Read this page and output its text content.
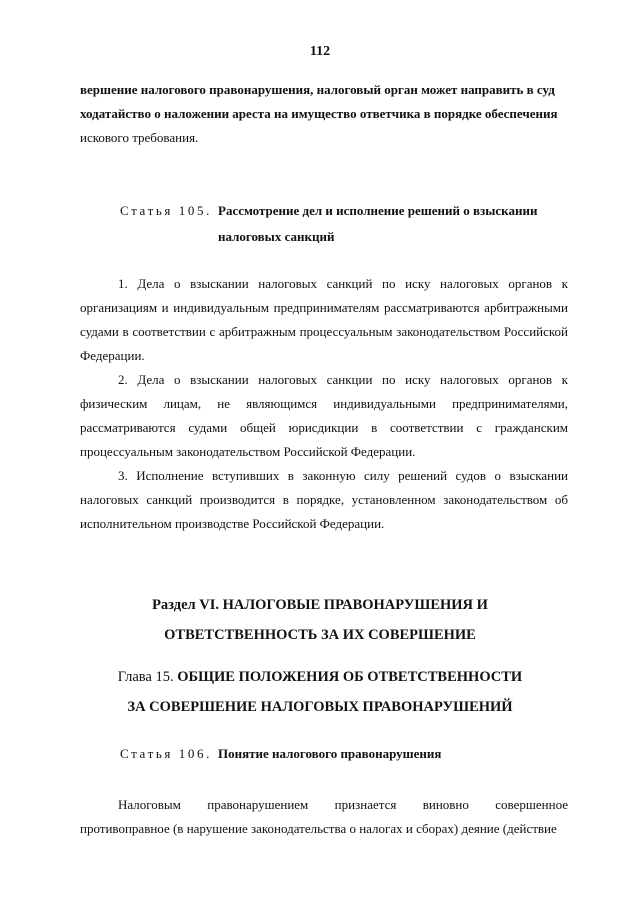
112
вершение налогового правонарушения, налоговый орган может направить в суд
ходатайство о наложении ареста на имущество ответчика в порядке обеспечения
искового требования.
Статья 105. Рассмотрение дел и исполнение решений о взыскании
налоговых санкций
1. Дела о взыскании налоговых санкций по иску налоговых органов к организациям и индивидуальным предпринимателям рассматриваются арбитражными судами в соответствии с арбитражным процессуальным законодательством Российской Федерации.
2. Дела о взыскании налоговых санкции по иску налоговых органов к физическим лицам, не являющимся индивидуальными предпринимателями, рассматриваются судами общей юрисдикции в соответствии с гражданским процессуальным законодательством Российской Федерации.
3. Исполнение вступивших в законную силу решений судов о взыскании налоговых санкций производится в порядке, установленном законодательством об исполнительном производстве Российской Федерации.
Раздел VI. НАЛОГОВЫЕ ПРАВОНАРУШЕНИЯ И
ОТВЕТСТВЕННОСТЬ ЗА ИХ СОВЕРШЕНИЕ
Глава 15. ОБЩИЕ ПОЛОЖЕНИЯ ОБ ОТВЕТСТВЕННОСТИ
ЗА СОВЕРШЕНИЕ НАЛОГОВЫХ ПРАВОНАРУШЕНИЙ
Статья 106. Понятие налогового правонарушения
Налоговым правонарушением признается виновно совершенное противоправное (в нарушение законодательства о налогах и сборах) деяние (действие
